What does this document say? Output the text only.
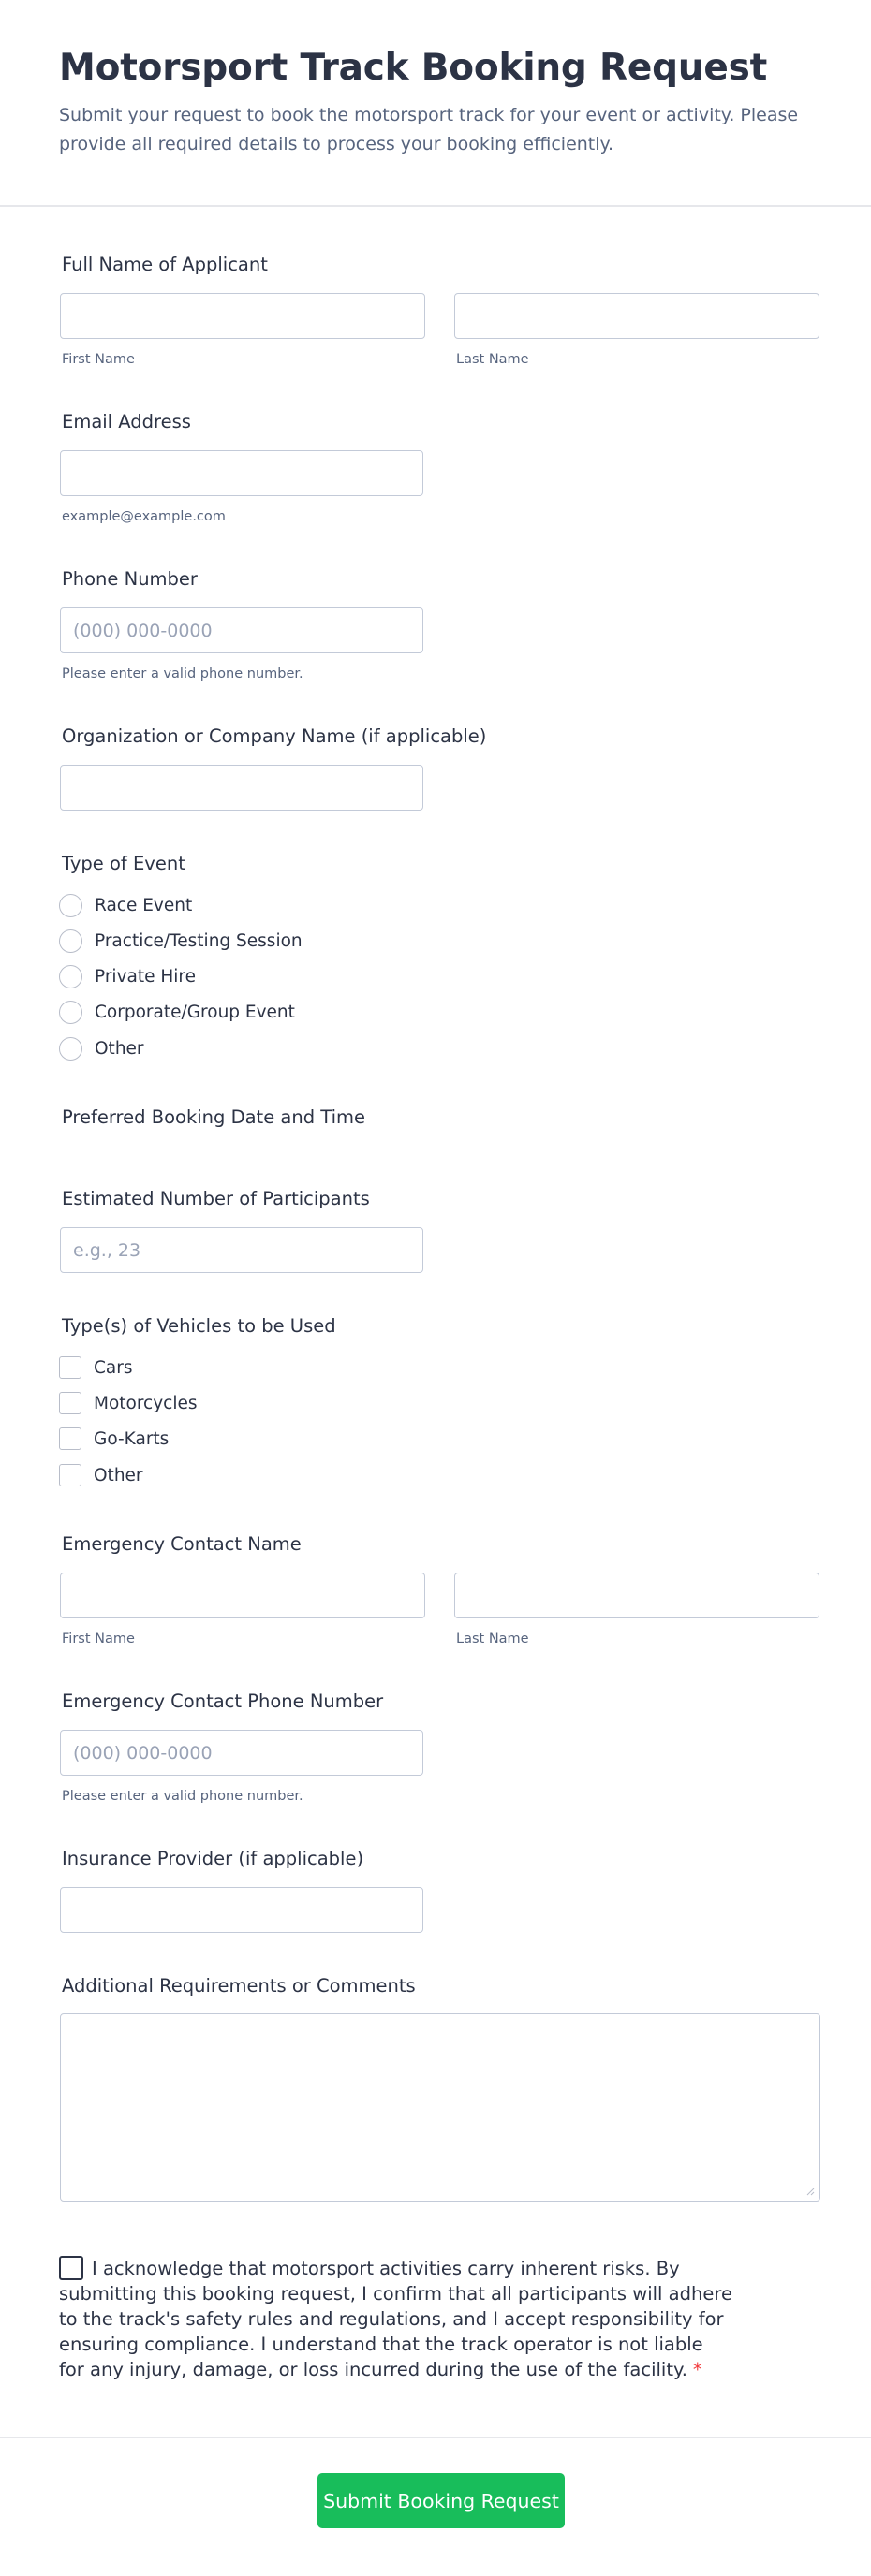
Motorsport Track Booking Request

Submit your request to book the motorsport track for your event or activity. Please provide all required details to process your booking efficiently.

Full Name of Applicant
First Name	Last Name
Email Address
example@example.com
Phone Number
(000) 000-0000
Please enter a valid phone number.
Organization or Company Name (if applicable)
Type of Event
Race Event
Practice/Testing Session
Private Hire
Corporate/Group Event
Other
Preferred Booking Date and Time
Estimated Number of Participants
e.g., 23
Type(s) of Vehicles to be Used
Cars
Motorcycles
Go-Karts
Other
Emergency Contact Name
First Name	Last Name
Emergency Contact Phone Number
(000) 000-0000
Please enter a valid phone number.
Insurance Provider (if applicable)
Additional Requirements or Comments
I acknowledge that motorsport activities carry inherent risks. By submitting this booking request, I confirm that all participants will adhere to the track's safety rules and regulations, and I accept responsibility for ensuring compliance. I understand that the track operator is not liable for any injury, damage, or loss incurred during the use of the facility. *
Submit Booking Request
